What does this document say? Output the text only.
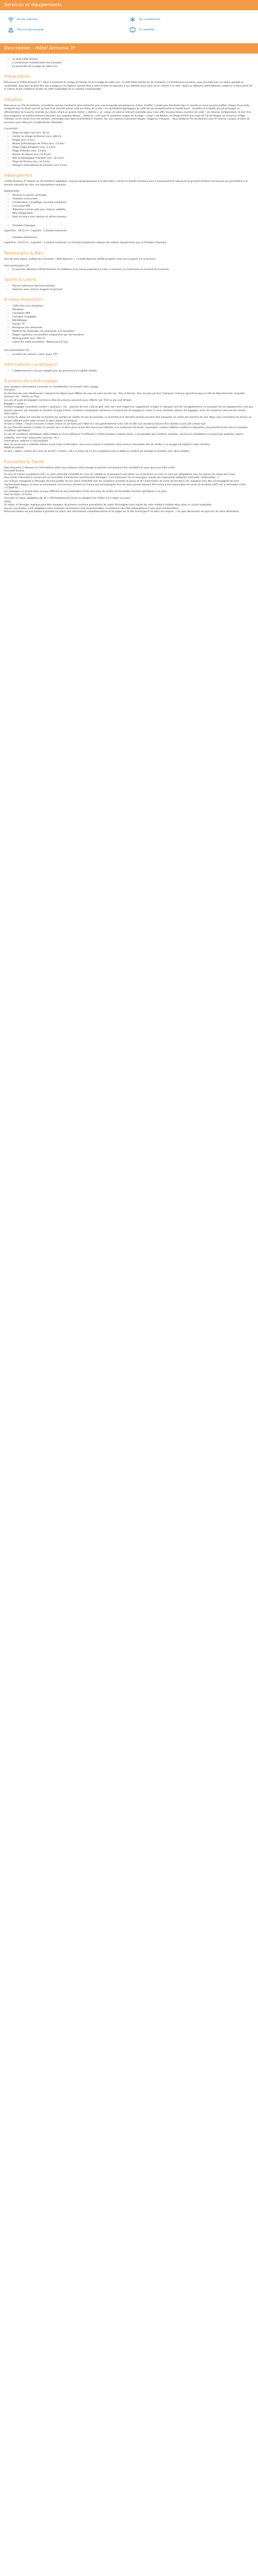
Services et équipements
Accès internet	Air conditionné
Piscine découverte	Tv satellite
Description - Hôtel Armonia 3*
• La petit hôtel familial
• L'architecture traditionnelle des Cyclades
• La proximité de la plage de sable noir
Présentation

Bienvenue à l'Hôtel Armonia 3* ! Situé à proximité du village de Kamari et de la plage de sable noir, ce petit hôtel familial de 30 chambres, à l'architecture insulaire, vous accueille pour un séjour paisible et confortable. Soucieux du bien-être des voyageurs, les Égéens sauront être à votre écoute et répondre à vos attentes pour vous servir comme il se doit ! Après un délicieux petit-déjeuner, partez à la découverte de la culture et des traditions locales de cette magnifique île au charme incomparable.

Situation

Bienvenue sur l'île de Santorin, considérée comme l'endroit le plus recherché pour une escapade romantique en Grèce. Enoffet, il existe peu d'endroits dans le monde où vous pourrez profiter chaque d'une telle escapade tout en étant perché au bord d'un énorme volcan actif au milieu de la mer ! La constitution géologique de cette île est exceptionnelle et mystérieuse : modelée et sculptée qui est provoqué un effondrement de la partie centrale du volcan créant un grand cratère « caldera ». Ici, volcan et soleil se mariant ensemble pour vous offrir les plus beaux couchers de soleil ! Les falaises vertigineuses, la mer d'un bleu turquoise, les petites maisons blanches aux coupoles bleues... Santorin, c'est aussi le spectacle unique de la plage « rouge » de Kokkini, le village brillant plus haut de l'île de Pyrgos, ou encore le village d'Akrotiri et les ruines d'un fort vénitien, immergez-vous dans la préhistoire, musées, vin, ses maisons à plusieurs étages, magasins, fresques... Vous quitterez l'île de Santorin sous le charme, conquis et plein de souvenirs pour découvrir la légende de l'Atlantide !

À proximité :

• Plage de sable noir (env. 50 m)
• Centre du village de Kamari (env. 200 m)
• Pyrgos (env. 5 km)
• Musée préhistorique de Théra (env. 7,6 km)
• Plage d'Agia Paraskevi (env. 3,3 km)
• Plage d'Akrotiri (env. 13 km)
• Rocher de Skaros (env. 11,8 km)
• Site archéologique d'Akrotiri (env. 13,3 km)
• Plage de Perissa (env. 12,5 km)
• Aéroport international de Santorin (env. 6 km)
Hébergement

L'Hôtel Armonia 3* dispose de 30 chambres agréables, conçues graphiquement à la décoration colorée en parfait harmonie avec l'environnement naturel et de grandes fenêtres lumineuses qui permettent à la lumière naturelle de créer une atmosphère relaxante.

Équipements :

• Terrasse ou balcon aménagé
• Chambre insonorisée
• Climatisation / chauffage (contrôle individuel)
• Connexion Wifi
• Télévision à écran plat avec chaînes satellite
• Mini-réfrigérateur
• Salle de bains avec douche et sèche-cheveux
• Chambre Classique

Superficie : 18-22 m² - Capacité : 2 adultes maximum.

• Chambre Supérieure

Superficie : 20-22 m² - Capacité : 2 adultes maximum. La Chambre Supérieure dispose des mêmes équipements que la Chambre Classique

Restaurants & Bars

Lors de votre séjour, profitez de la formule « Petit-déjeuner ». Le petit-déjeuner buffet européen vous sera proposé sur la terrasse.

Avec participation (€) :

• En journée, boissons rafraîchissantes et collations vous seront proposées au bar, à savourer sur la terrasse ou au bord de la piscine.
Sports & Loisirs
• Piscine extérieure (période estivale)
• Solarium avec chaises longues et parasols
A votre disposition
• Coffre-fort (à la réception)
• Réception
• Connexion Wifi
• Consigne à bagages
• Bibliothèque
• Espace TV
• Boutiques (sur demande)
• Matériel de repassage (sur demande, à la réception)
• Étages supérieurs accessibles uniquement par des escaliers
• Parking public (env. 200 m)
• Cartes de crédit acceptées : Mastercard & Visa

Avec participation (€) :

• Location de voitures, moto, quad, VTT
Information(s) pratique(s)
• L'établissement n'est pas adapté pour les personnes à mobilité réduite.
A propos de votre voyage

Voici quelques informations à prendre en considération concernant votre voyage.
Transport
En fonction des vols sélectionnés, l'aéroport de départ peut différer de celui de votre arrivée (ex : Orly et Roissy). Pour les vols par bus, l'aéroport n'est pas garanti lorsque la ville de départ/arrivée comporte plusieurs (ex. : Roissy ou Orly).
Les prix et poids de bagages (certaines villes de province peuvent aussi réflechir par TGV ou par voie fériale).
Bagages « soute »
Certains bagages considérés comme « spéciaux » (ex. : planche de surf, club de golf, vélo, etc.) font l'objet d'un supplément à régler à l'aéroport lors de l'enregistrement. Le transport de ces équipements n'est pas toujours garanti, par exemple en fonction du type d'avion. Certaines compagnies aériennes n'incluent pas de bagage en soute. Si vous souhaitez ajouter des bagages, merci de contacter notre service clients.
Votre séjour
La durée du séjour est calculée en fonction du nombre de nuitées et non de journées. La première et la dernière journée peuvent être tronquées en raison des horaires de vols. Nous vous conseillons de prévoir un temps suffisant entre votre arrivée et votre départ à l'aéroport.
Arrivée à l'hôtel : l'heure d'arrivée à l'hôtel (check-in) est fixée par l'hôtel et a lieu généralement entre 14h et 16h. Les chambres doivent être libérées avant 12h (check-out).
En cas d'arrivée tardive à l'hôtel, le premier jour, le dîner peut ne pas être fourni par l'hôtelier si le restaurant est fermé. Cependant, certains hôteliers mettent à disposition une assiette froide dans la chambre.
Conditions spécifiques
En cas de conditions climatiques défavorables ou d'une affluence insuffisante à l'hôtel pendant la basse saison, il est possible que certaines activités, services et installations ne soient pas proposés (sports collectifs, mini-club, restaurants, piscines, etc.).
Informations relatives à l'accessibilité
Pour les personnes à mobilité réduite, avant toute confirmation, nous vous invitons à contacter notre service réservation afin de vérifier si le voyage est adapté à votre situation.
Bébés et enfants
Le tarif « bébé » (moins de 2 ans) ou le tarif « enfant » (de 2 à moins de 12 ans) s'applique pour le bébé ou l'enfant qui partage la chambre avec deux adultes.

Formalités & Santé

Vous trouverez ci-dessous les informations utiles pour préparer votre voyage et prendre connaissance des actualités du pays que vous allez visiter.
Formalité diverse
Au sein de l'Union européenne (UE), la carte nationale d'identité en cours de validité ou le passeport sont admis sur le territoire, ou nous ne sont pas obligatoires pour les séjours de moins de 6 mois.
Pour toutes informations concernant les formalités d'entrée des ressortissants étrangers, il est nécessaire de se renseigner auprès des organismes adéquats (consulats, ambassades...).
Les mineurs voyageant à l'étranger doivent justifier de leur pièce d'identité (voir les conditions d'entrée du pays) et de l'autorisation de sortie du territoire s'ils voyagent sans être accompagnés de leurs représentants légaux ou avec un seul parent. Les mineurs résidant en France non accompagnés d'un de leurs parents doivent être munis d'une autorisation de sortie de territoire (AST) sur le formulaire Cerfa n°15646*01.
Les passagers en transit dans un pays différent de leur destination finale sont priés de vérifier les formalités d'entrée spécifiques à ce pays.
Taxe de séjour en Grèce
Une taxe de séjour obligatoire de 2€ à 15€/chambre/nuit (selon la catégorie de l'hôtel) est à régler sur place.
Santé
Un séjour à l'étranger implique peut-être voyageur de prendre certaines précautions de santé. Renseignez-vous auprès de votre médecin traitant et/ou dans un centre hospitalier.
Aucune vaccination n'est obligatoire mais certaines vaccinations sont recommandées. Consultez le site http://www.pasteur.fr pour plus d'informations.
Retrouvez toutes les précautions à prendre sur place, des informations complémentaires et de pages sur le site (travel.gov.fr ou dans son espace...) les plus découverts du pays lors de votre destination.
